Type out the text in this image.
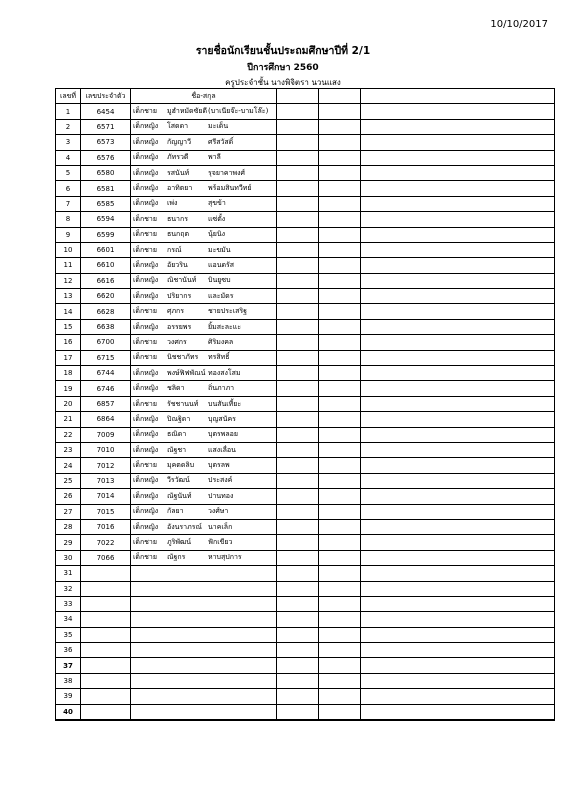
10/10/2017
รายชื่อนักเรียนชั้นประถมศึกษาปีที่ 2/1
ปีการศึกษา 2560
ครูประจำชั้น นางพิจิตรา นวนแสง
เลขที่	เลขประจำตัว	ชื่อ-สกุล			
1	6454	เด็กชาย มูฮำหมัดซัยดี(บาเนียจ๊ะ-บามโล๊ะ)			
2	6571	เด็กหญิง โสดดา มะเด็น			
3	6573	เด็กหญิง กัญญาวี ศรีสวัสดิ์			
4	6576	เด็กหญิง ภัทรวดี พาลี			
5	6580	เด็กหญิง รสนันท์ รุจยาคาพงศ์			
6	6581	เด็กหญิง อาทิตยา พร้อมสินทวีทย์			
7	6585	เด็กหญิง เพ่ง สุขข้า			
8	6594	เด็กชาย ธนากร แซ่ตั้ง			
9	6599	เด็กชาย ธนกฤต นุ้ยนิง			
10	6601	เด็กชาย กรณ์ มะขมัน			
11	6610	เด็กหญิง อัยวริน แอนดรัส			
12	6616	เด็กหญิง ณิชานันท์ บินยูซบ			
13	6620	เด็กหญิง ปริยากร และมัดร			
14	6628	เด็กชาย ศุภกร ชายประเสริฐ			
15	6638	เด็กหญิง อรรยพร ยิ้มสะละแะ			
16	6700	เด็กชาย วงศกร ศิริมงคล			
17	6715	เด็กชาย นิชชาภัทร ทรสิทธิ์			
18	6744	เด็กหญิง พงษ์ฟิฟพัณน์ ทองสงโสม			
19	6746	เด็กหญิง ชลิดา ถิ่นภาภา			
20	6857	เด็กชาย รัชชานนท์ บนสันเที้ยะ			
21	6864	เด็กหญิง ปิณฐิดา บุญสนัคร			
22	7009	เด็กหญิง ธณิดา บุตรพลอย			
23	7010	เด็กหญิง ณัฐชา แสงเลื่อน			
24	7012	เด็กชาย มุคตดลิบ บุตรลพ			
25	7013	เด็กหญิง วีรวัฒน์ ประสงค์			
26	7014	เด็กหญิง ณัฐนันท์ ปานทอง			
27	7015	เด็กหญิง กัลยา วงศ์ษา			
28	7016	เด็กหญิง อังนราภรณ์ นาคเล็ก			
29	7022	เด็กชาย ภูริพัฒน์ ฟักเขียว			
30	7066	เด็กชาย ณัฐกร หาบสุปการ			
31					
32					
33					
34					
35					
36					
37					
38					
39					
40					
